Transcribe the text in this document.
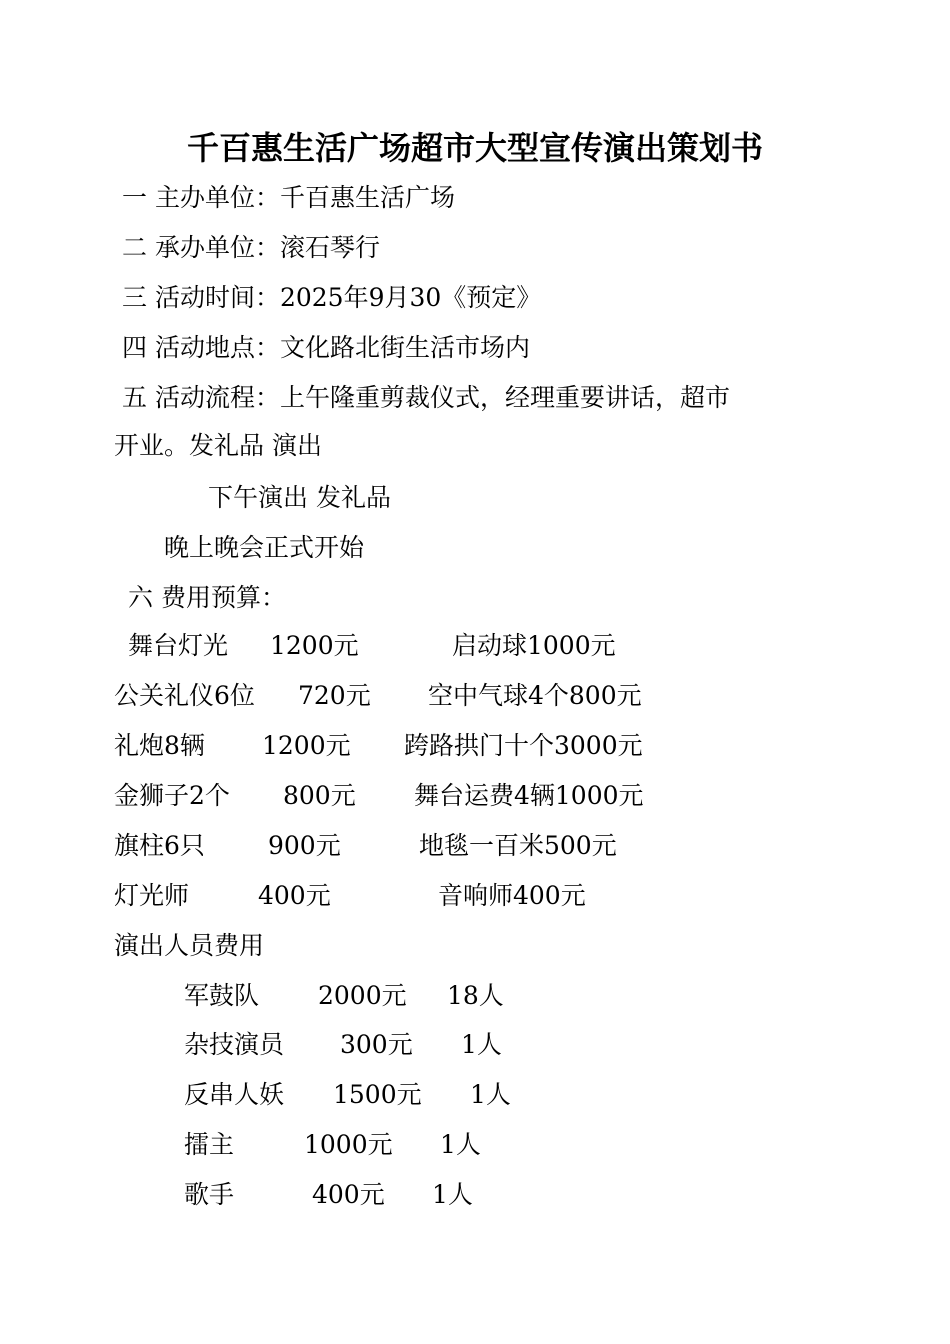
千百惠生活广场超市大型宣传演出策划书
一 主办单位：千百惠生活广场
二 承办单位：滚石琴行
三 活动时间：2025年9月30《预定》
四 活动地点：文化路北街生活市场内
五 活动流程：上午隆重剪裁仪式，经理重要讲话，超市
开业。发礼品 演出
下午演出 发礼品
晚上晚会正式开始
六 费用预算：
舞台灯光 1200元	启动球1000元
公关礼仪6位 720元 空中气球4个800元
礼炮8辆 1200元 跨路拱门十个3000元
金狮子2个 800元 舞台运费4辆1000元
旗柱6只	900元	地毯一百米500元
灯光师	400元	音响师400元
演出人员费用
军鼓队 2000元 18人
杂技演员 300元 1人
反串人妖 1500元 1人
擂主	1000元 1人
歌手	400元 1人
